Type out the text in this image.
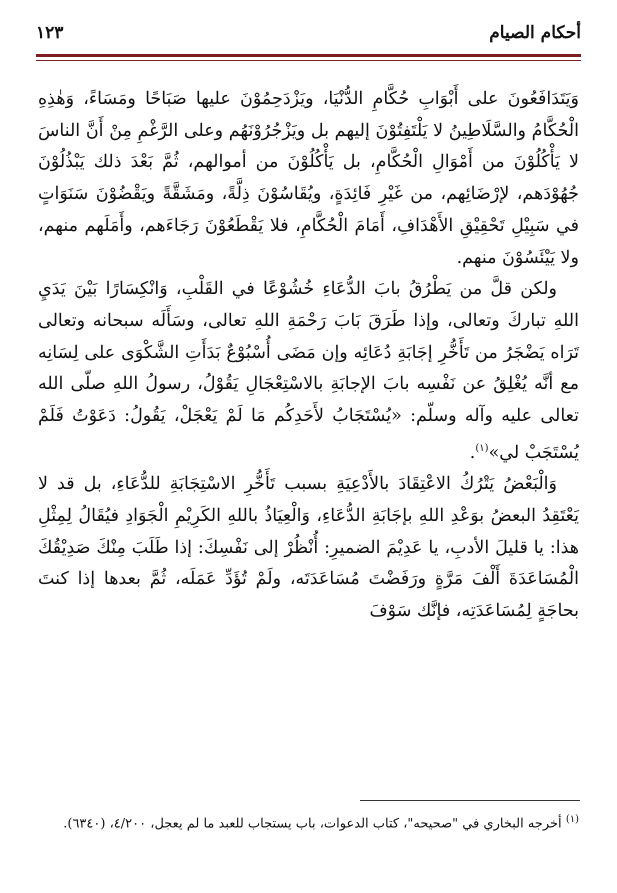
أحكام الصيام
١٢٣

وَيَتَدَافَعُونَ على أَبْوَابِ حُكَّامِ الدُّنْيَا، ويَزْدَحِمُوْنَ عليها صَبَاحًا ومَسَاءً، وَهٰذِهِ الْحُكَّامُ والسَّلَاطِينُ لا يَلْتَفِتُوْنَ إليهم بل ويَزْجُرُوْنَهُم وعلى الرَّغْمِ مِنْ أَنَّ الناسَ لا يَأْكُلُوْنَ من أَمْوَالِ الْحُكَّامِ، بل يَأْكُلُوْنَ من أموالهم، ثُمَّ بَعْدَ ذلك يَبْذُلُوْنَ جُهُوْدَهم، لإرْضَائِهم، من غَيْرِ فَائِدَةٍ، ويُقَاسُوْنَ ذِلَّةً، ومَشَقَّةً ويَقْضُوْنَ سَنَوَاتٍ في سَبِيْلِ تَحْقِيْقِ الأَهْدَافِ، أَمَامَ الْحُكَّامِ، فلا يَقْطَعُوْنَ رَجَاءَهم، وأَمَلَهم منهم، ولا يَيْئَسُوْنَ منهم.

ولكن قلَّ من يَطْرُقُ بابَ الدُّعَاءِ خُشُوْعًا في القَلْبِ، وَانْكِسَارًا بَيْنَ يَدَيِ اللهِ تباركَ وتعالى، وإذا طَرَقَ بَابَ رَحْمَةِ اللهِ تعالى، وسَأَلَه سبحانه وتعالى تَرَاه يَضْجَرُ من تَأَخُّرِ إجَابَةِ دُعَائِه وإن مَضَى أُسْبُوْعٌ بَدَأَتِ الشَّكْوَى على لِسَانِه مع أنَّه يُغْلِقُ عن نَفْسِه بابَ الإجابَةِ بالاسْتِعْجَالِ يَقُوْلُ، رسولُ اللهِ صلّى الله تعالى عليه وآله وسلّم: «يُسْتَجَابُ لأَحَدِكُم مَا لَمْ يَعْجَلْ، يَقُولُ: دَعَوْتُ فَلَمْ يُسْتَجَبْ لي»$^{(١)}$.

وَالْبَعْضُ يَتْرُكُ الاعْتِقَادَ بالأَدْعِيَةِ بسبب تَأَخُّرِ الاسْتِجَابَةِ للدُّعَاءِ، بل قد لا يَعْتَقِدُ البعضُ بوَعْدِ اللهِ بإجَابَةِ الدُّعَاءِ، وَالْعِيَاذُ باللهِ الكَرِيْمِ الْجَوَادِ فيُقَالُ لِمِثْلِ هذا: يا قليلَ الأدبِ، يا عَدِيْمَ الضميرِ: أُنْظُرْ إلى نَفْسِكَ: إذا طَلَبَ مِنْكَ صَدِيْقُكَ الْمُسَاعَدَةَ أَلْفَ مَرَّةٍ ورَفَضْتَ مُسَاعَدَتَه، ولَمْ تُؤَدِّ عَمَلَه، ثُمَّ بعدها إذا كنتَ بحاجَةٍ لِمُسَاعَدَتِه، فإنَّك سَوْفَ

$^{(١)}$ أخرجه البخاري في "صحيحه"، كتاب الدعوات، باب يستجاب للعبد ما لم يعجل، ٤/٢٠٠، (٦٣٤٠).
